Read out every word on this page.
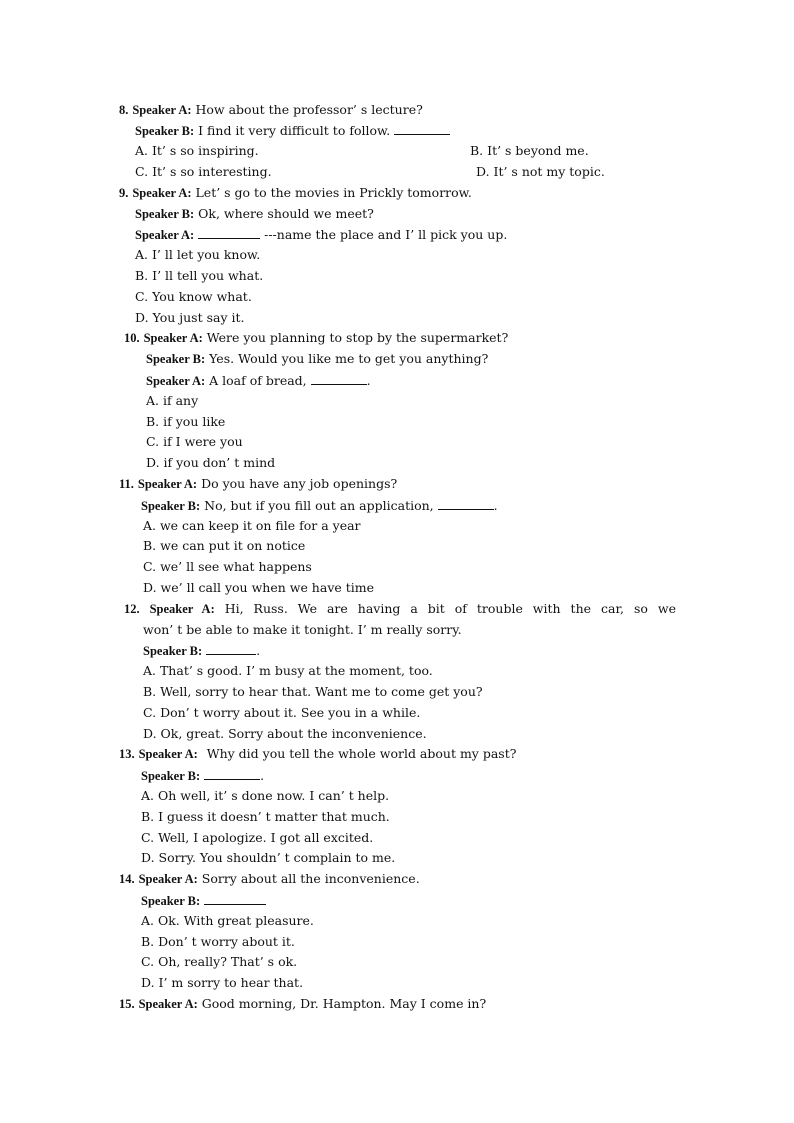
8. Speaker A: How about the professor’ s lecture?
Speaker B: I find it very difficult to follow.
A. It’ s so inspiring.	B. It’ s beyond me.
C. It’ s so interesting.	D. It’ s not my topic.
9. Speaker A: Let’ s go to the movies in Prickly tomorrow.
Speaker B: Ok, where should we meet?
Speaker A:	---name the place and I’ ll pick you up.
A. I’ ll let you know.
B. I’ ll tell you what.
C. You know what.
D. You just say it.
10. Speaker A: Were you planning to stop by the supermarket?
Speaker B: Yes. Would you like me to get you anything?
Speaker A: A loaf of bread,	.
A. if any
B. if you like
C. if I were you
D. if you don’ t mind
11. Speaker A: Do you have any job openings?
Speaker B: No, but if you fill out an application,	.
A. we can keep it on file for a year
B. we can put it on notice
C. we’ ll see what happens
D. we’ ll call you when we have time
12. Speaker A: Hi, Russ. We are having a bit of trouble with the car, so we
won’ t be able to make it tonight. I’ m really sorry.
Speaker B:	.
A. That’ s good. I’ m busy at the moment, too.
B. Well, sorry to hear that. Want me to come get you?
C. Don’ t worry about it. See you in a while.
D. Ok, great. Sorry about the inconvenience.
13. Speaker A: Why did you tell the whole world about my past?
Speaker B:	.
A. Oh well, it’ s done now. I can’ t help.
B. I guess it doesn’ t matter that much.
C. Well, I apologize. I got all excited.
D. Sorry. You shouldn’ t complain to me.
14. Speaker A: Sorry about all the inconvenience.
Speaker B:
A. Ok. With great pleasure.
B. Don’ t worry about it.
C. Oh, really? That’ s ok.
D. I’ m sorry to hear that.
15. Speaker A: Good morning, Dr. Hampton. May I come in?
